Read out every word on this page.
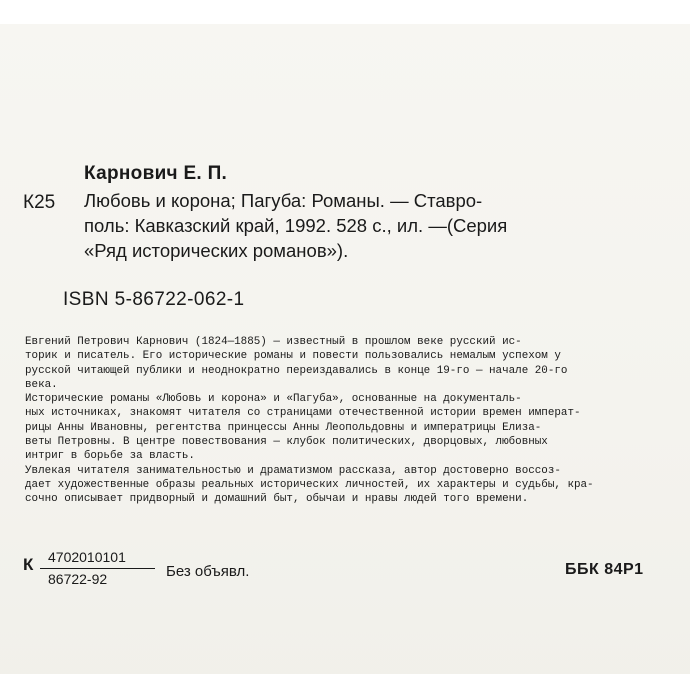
Карнович Е. П.
К25 Любовь и корона; Пагуба: Романы. — Ставро-
поль: Кавказский край, 1992. 528 с., ил. —(Серия
«Ряд исторических романов»).
ISBN 5-86722-062-1

Евгений Петрович Карнович (1824—1885) — известный в прошлом веке русский ис-
торик и писатель. Его исторические романы и повести пользовались немалым успехом у
русской читающей публики и неоднократно переиздавались в конце 19-го — начале 20-го
века.

Исторические романы «Любовь и корона» и «Пагуба», основанные на документаль-
ных источниках, знакомят читателя со страницами отечественной истории времен императ-
рицы Анны Ивановны, регентства принцессы Анны Леопольдовны и императрицы Елиза-
веты Петровны. В центре повествования — клубок политических, дворцовых, любовных
интриг в борьбе за власть.

Увлекая читателя занимательностью и драматизмом рассказа, автор достоверно воссоз-
дает художественные образы реальных исторических личностей, их характеры и судьбы, кра-
сочно описывает придворный и домашний быт, обычаи и нравы людей того времени.

К	4702010101
86722-92	Без объявл.	ББК 84Р1
